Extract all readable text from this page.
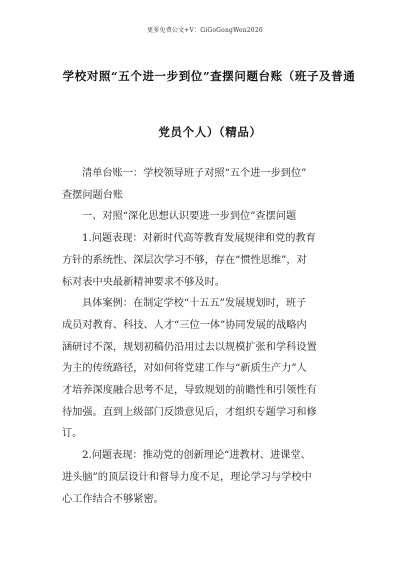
更多免费公文+V：GiGoGongWen2026
学校对照“五个进一步到位”查摆问题台账（班子及普通
党员个人）（精品）
清单台账一：学校领导班子对照“五个进一步到位”
查摆问题台账
一、对照“深化思想认识要进一步到位”查摆问题
1.问题表现：对新时代高等教育发展规律和党的教育
方针的系统性、深层次学习不够，存在“惯性思维”，对
标对表中央最新精神要求不够及时。
具体案例：在制定学校“十五五”发展规划时，班子
成员对教育、科技、人才“三位一体”协同发展的战略内
涵研讨不深，规划初稿仍沿用过去以规模扩张和学科设置
为主的传统路径，对如何将党建工作与“新质生产力”人
才培养深度融合思考不足，导致规划的前瞻性和引领性有
待加强。直到上级部门反馈意见后，才组织专题学习和修
订。
2.问题表现：推动党的创新理论“进教材、进课堂、
进头脑”的顶层设计和督导力度不足，理论学习与学校中
心工作结合不够紧密。
